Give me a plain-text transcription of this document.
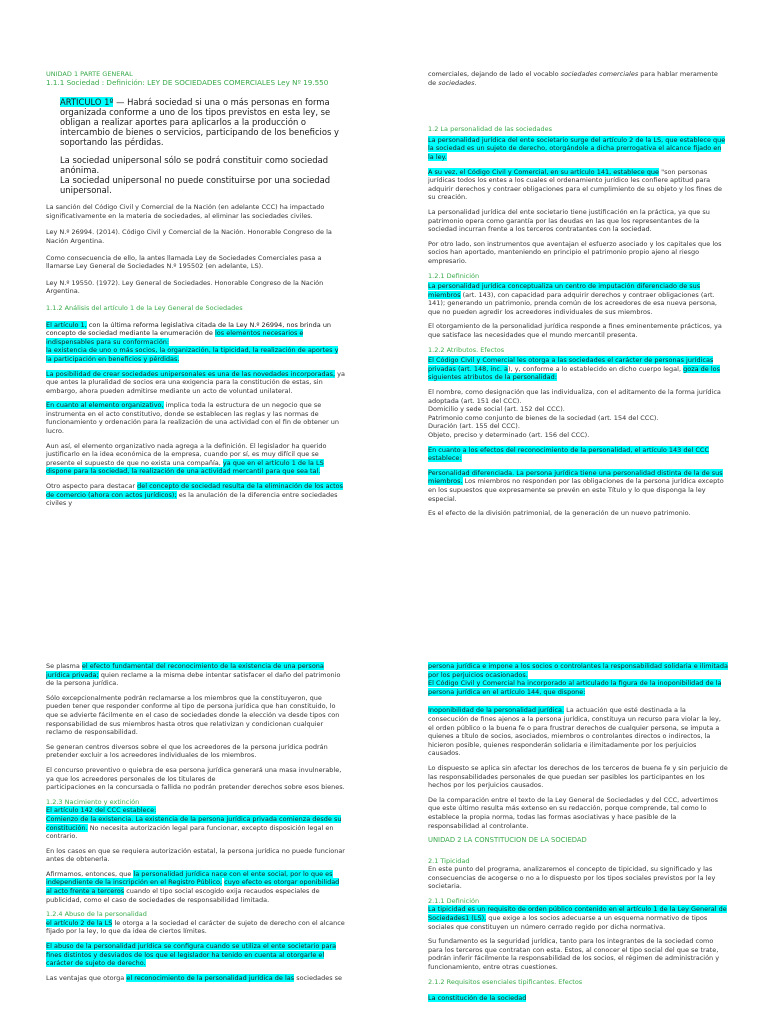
UNIDAD 1 PARTE GENERAL

1.1.1 Sociedad : Definición: LEY DE SOCIEDADES COMERCIALES Ley Nº 19.550

ARTICULO 1º — Habrá sociedad si una o más personas en forma organizada conforme a uno de los tipos previstos en esta ley, se obligan a realizar aportes para aplicarlos a la producción o intercambio de bienes o servicios, participando de los beneficios y soportando las pérdidas.

La sociedad unipersonal sólo se podrá constituir como sociedad anónima.

La sociedad unipersonal no puede constituirse por una sociedad unipersonal.

La sanción del Código Civil y Comercial de la Nación (en adelante CCC) ha impactado significativamente en la materia de sociedades, al eliminar las sociedades civiles.

Ley N.º 26994. (2014). Código Civil y Comercial de la Nación. Honorable Congreso de la Nación Argentina.

Como consecuencia de ello, la antes llamada Ley de Sociedades Comerciales pasa a llamarse Ley General de Sociedades N.º 195502 (en adelante, LS).

Ley N.º 19550. (1972). Ley General de Sociedades. Honorable Congreso de la Nación Argentina.

1.1.2 Análisis del artículo 1 de la Ley General de Sociedades

El artículo 1, con la última reforma legislativa citada de la Ley N.º 26994, nos brinda un concepto de sociedad mediante la enumeración de los elementos necesarios e indispensables para su conformación:
la existencia de uno o más socios, la organización, la tipicidad, la realización de aportes y la participación en beneficios y pérdidas.

La posibilidad de crear sociedades unipersonales es una de las novedades incorporadas, ya que antes la pluralidad de socios era una exigencia para la constitución de estas, sin embargo, ahora pueden admitirse mediante un acto de voluntad unilateral.

En cuanto al elemento organizativo, implica toda la estructura de un negocio que se instrumenta en el acto constitutivo, donde se establecen las reglas y las normas de funcionamiento y ordenación para la realización de una actividad con el fin de obtener un lucro.

Aun así, el elemento organizativo nada agrega a la definición. El legislador ha querido justificarlo en la idea económica de la empresa, cuando por sí, es muy difícil que se presente el supuesto de que no exista una compañía, ya que en el artículo 1 de la LS dispone para la sociedad, la realización de una actividad mercantil para que sea tal.

Otro aspecto para destacar del concepto de sociedad resulta de la eliminación de los actos de comercio (ahora con actos jurídicos); es la anulación de la diferencia entre sociedades civiles y

comerciales, dejando de lado el vocablo sociedades comerciales para hablar meramente de sociedades.

1.2 La personalidad de las sociedades

La personalidad jurídica del ente societario surge del artículo 2 de la LS, que establece que la sociedad es un sujeto de derecho, otorgándole a dicha prerrogativa el alcance fijado en la ley.

A su vez, el Código Civil y Comercial, en su artículo 141, establece que "son personas jurídicas todos los entes a los cuales el ordenamiento jurídico les confiere aptitud para adquirir derechos y contraer obligaciones para el cumplimiento de su objeto y los fines de su creación.

La personalidad jurídica del ente societario tiene justificación en la práctica, ya que su patrimonio opera como garantía por las deudas en las que los representantes de la sociedad incurran frente a los terceros contratantes con la sociedad.

Por otro lado, son instrumentos que aventajan el esfuerzo asociado y los capitales que los socios han aportado, manteniendo en principio el patrimonio propio ajeno al riesgo empresario.

1.2.1 Definición

La personalidad jurídica conceptualiza un centro de imputación diferenciado de sus miembros (art. 143), con capacidad para adquirir derechos y contraer obligaciones (art. 141); generando un patrimonio, prenda común de los acreedores de esa nueva persona, que no pueden agredir los acreedores individuales de sus miembros.

El otorgamiento de la personalidad jurídica responde a fines eminentemente prácticos, ya que satisface las necesidades que el mundo mercantil presenta.

1.2.2 Atributos. Efectos

El Código Civil y Comercial les otorga a las sociedades el carácter de personas jurídicas privadas (art. 148, inc. a), y, conforme a lo establecido en dicho cuerpo legal, goza de los siguientes atributos de la personalidad:

El nombre, como designación que las individualiza, con el aditamento de la forma jurídica adoptada (art. 151 del CCC).
Domicilio y sede social (art. 152 del CCC).
Patrimonio como conjunto de bienes de la sociedad (art. 154 del CCC).
Duración (art. 155 del CCC).
Objeto, preciso y determinado (art. 156 del CCC).

En cuanto a los efectos del reconocimiento de la personalidad, el artículo 143 del CCC establece:

Personalidad diferenciada. La persona jurídica tiene una personalidad distinta de la de sus miembros. Los miembros no responden por las obligaciones de la persona jurídica excepto en los supuestos que expresamente se prevén en este Título y lo que disponga la ley especial.

Es el efecto de la división patrimonial, de la generación de un nuevo patrimonio.

Se plasma el efecto fundamental del reconocimiento de la existencia de una persona jurídica privada; quien reclame a la misma debe intentar satisfacer el daño del patrimonio de la persona jurídica.

Sólo excepcionalmente podrán reclamarse a los miembros que la constituyeron, que pueden tener que responder conforme al tipo de persona jurídica que han constituido, lo que se advierte fácilmente en el caso de sociedades donde la elección va desde tipos con responsabilidad de sus miembros hasta otros que relativizan y condicionan cualquier reclamo de responsabilidad.

Se generan centros diversos sobre el que los acreedores de la persona jurídica podrán pretender excluir a los acreedores individuales de los miembros.

El concurso preventivo o quiebra de esa persona jurídica generará una masa invulnerable, ya que los acreedores personales de los titulares de
participaciones en la concursada o fallida no podrán pretender derechos sobre esos bienes.

1.2.3 Nacimiento y extinción

El artículo 142 del CCC establece:
Comienzo de la existencia. La existencia de la persona jurídica privada comienza desde su constitución. No necesita autorización legal para funcionar, excepto disposición legal en contrario.

En los casos en que se requiera autorización estatal, la persona jurídica no puede funcionar antes de obtenerla.

Afirmamos, entonces, que la personalidad jurídica nace con el ente social, por lo que es independiente de la inscripción en el Registro Público, cuyo efecto es otorgar oponibilidad al acto frente a terceros cuando el tipo social escogido exija recaudos especiales de publicidad, como el caso de sociedades de responsabilidad limitada.

1.2.4 Abuso de la personalidad

el artículo 2 de la LS le otorga a la sociedad el carácter de sujeto de derecho con el alcance fijado por la ley, lo que da idea de ciertos límites.

El abuso de la personalidad jurídica se configura cuando se utiliza el ente societario para fines distintos y desviados de los que el legislador ha tenido en cuenta al otorgarle el carácter de sujeto de derecho.

Las ventajas que otorga el reconocimiento de la personalidad jurídica de las sociedades se

persona jurídica e impone a los socios o controlantes la responsabilidad solidaria e ilimitada por los perjuicios ocasionados.
El Código Civil y Comercial ha incorporado al articulado la figura de la inoponibilidad de la persona jurídica en el artículo 144, que dispone:

Inoponibilidad de la personalidad jurídica. La actuación que esté destinada a la consecución de fines ajenos a la persona jurídica, constituya un recurso para violar la ley, el orden público o la buena fe o para frustrar derechos de cualquier persona, se imputa a quienes a título de socios, asociados, miembros o controlantes directos o indirectos, la hicieron posible, quienes responderán solidaria e ilimitadamente por los perjuicios causados.

Lo dispuesto se aplica sin afectar los derechos de los terceros de buena fe y sin perjuicio de las responsabilidades personales de que puedan ser pasibles los participantes en los hechos por los perjuicios causados.

De la comparación entre el texto de la Ley General de Sociedades y del CCC, advertimos que este último resulta más extenso en su redacción, porque comprende, tal como lo establece la propia norma, todas las formas asociativas y hace pasible de la responsabilidad al controlante.

UNIDAD 2 LA CONSTITUCION DE LA SOCIEDAD

2.1 Tipicidad

En este punto del programa, analizaremos el concepto de tipicidad, su significado y las consecuencias de acogerse o no a lo dispuesto por los tipos sociales previstos por la ley societaria.

2.1.1 Definición

La tipicidad es un requisito de orden público contenido en el artículo 1 de la Ley General de Sociedades1 (LS), que exige a los socios adecuarse a un esquema normativo de tipos sociales que constituyen un número cerrado regido por dicha normativa.

Su fundamento es la seguridad jurídica, tanto para los integrantes de la sociedad como para los terceros que contratan con esta. Estos, al conocer el tipo social del que se trate, podrán inferir fácilmente la responsabilidad de los socios, el régimen de administración y funcionamiento, entre otras cuestiones.

2.1.2 Requisitos esenciales tipificantes. Efectos

La constitución de la sociedad
